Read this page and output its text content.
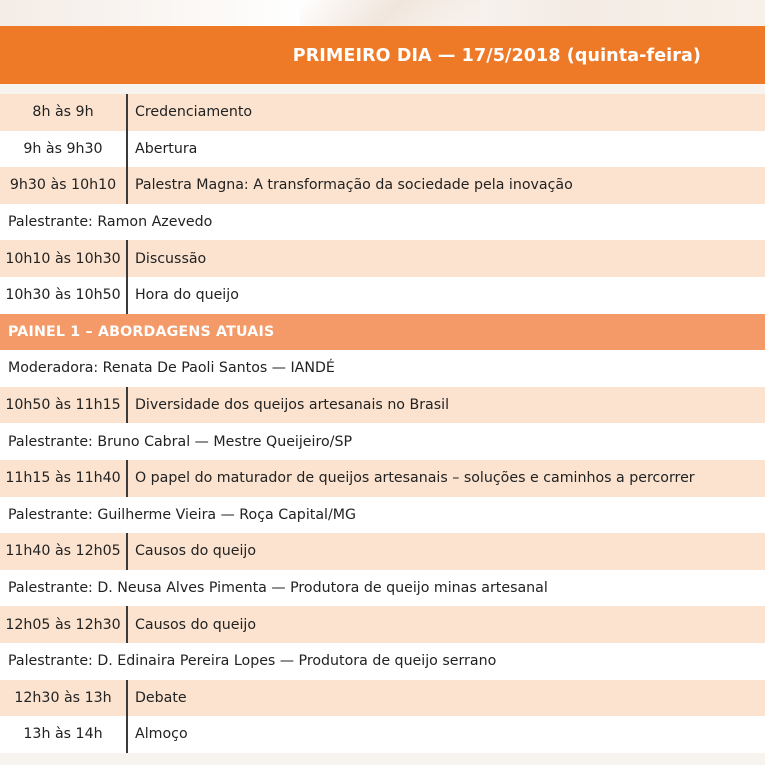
PRIMEIRO DIA — 17/5/2018 (quinta-feira)
8h às 9h	Credenciamento
9h às 9h30	Abertura
9h30 às 10h10	Palestra Magna: A transformação da sociedade pela inovação
Palestrante: Ramon Azevedo
10h10 às 10h30	Discussão
10h30 às 10h50	Hora do queijo
PAINEL 1 – ABORDAGENS ATUAIS
Moderadora: Renata De Paoli Santos — IANDÉ
10h50 às 11h15	Diversidade dos queijos artesanais no Brasil
Palestrante: Bruno Cabral — Mestre Queijeiro/SP
11h15 às 11h40	O papel do maturador de queijos artesanais – soluções e caminhos a percorrer
Palestrante: Guilherme Vieira — Roça Capital/MG
11h40 às 12h05	Causos do queijo
Palestrante: D. Neusa Alves Pimenta — Produtora de queijo minas artesanal
12h05 às 12h30	Causos do queijo
Palestrante: D. Edinaira Pereira Lopes — Produtora de queijo serrano
12h30 às 13h	Debate
13h às 14h	Almoço
